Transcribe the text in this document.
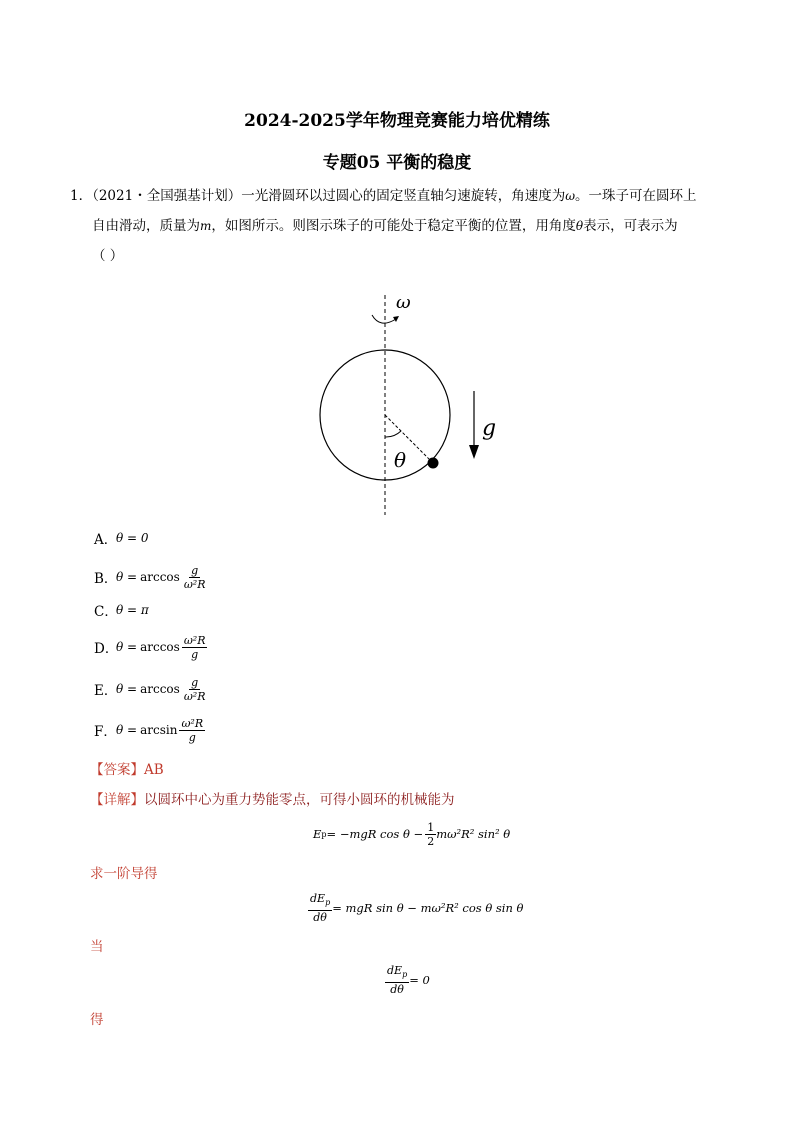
2024-2025学年物理竞赛能力培优精练
专题05 平衡的稳度
1．（2021・全国强基计划）一光滑圆环以过圆心的固定竖直轴匀速旋转，角速度为ω。一珠子可在圆环上
自由滑动，质量为m，如图所示。则图示珠子的可能处于稳定平衡的位置，用角度θ表示，可表示为
（ ）
ω
g
θ
A．
θ = 0
B．
$\theta = \arccos \frac{g}{\text{ω²R}}$
C．
θ = π
D．
$\theta = \arccos \frac{\text{ω²R}}{g}$
E．
$\theta = \arccos \frac{g}{\text{ω²R}}$
F． $\theta = \arcsin \frac{\text{ω²R}}{g}$
【答案】AB
【详解】以圆环中心为重力势能零点，可得小圆环的机械能为
E p = −mgR $\cos \theta - \frac{1}{2} m\omega^2R^2$ sin² θ
求一阶导得
$\frac{dE_p}{d\theta}$ = mgR sin θ − mω²R² cos θ sin θ
当
$\frac{dE_p}{d\theta} = 0$
得
